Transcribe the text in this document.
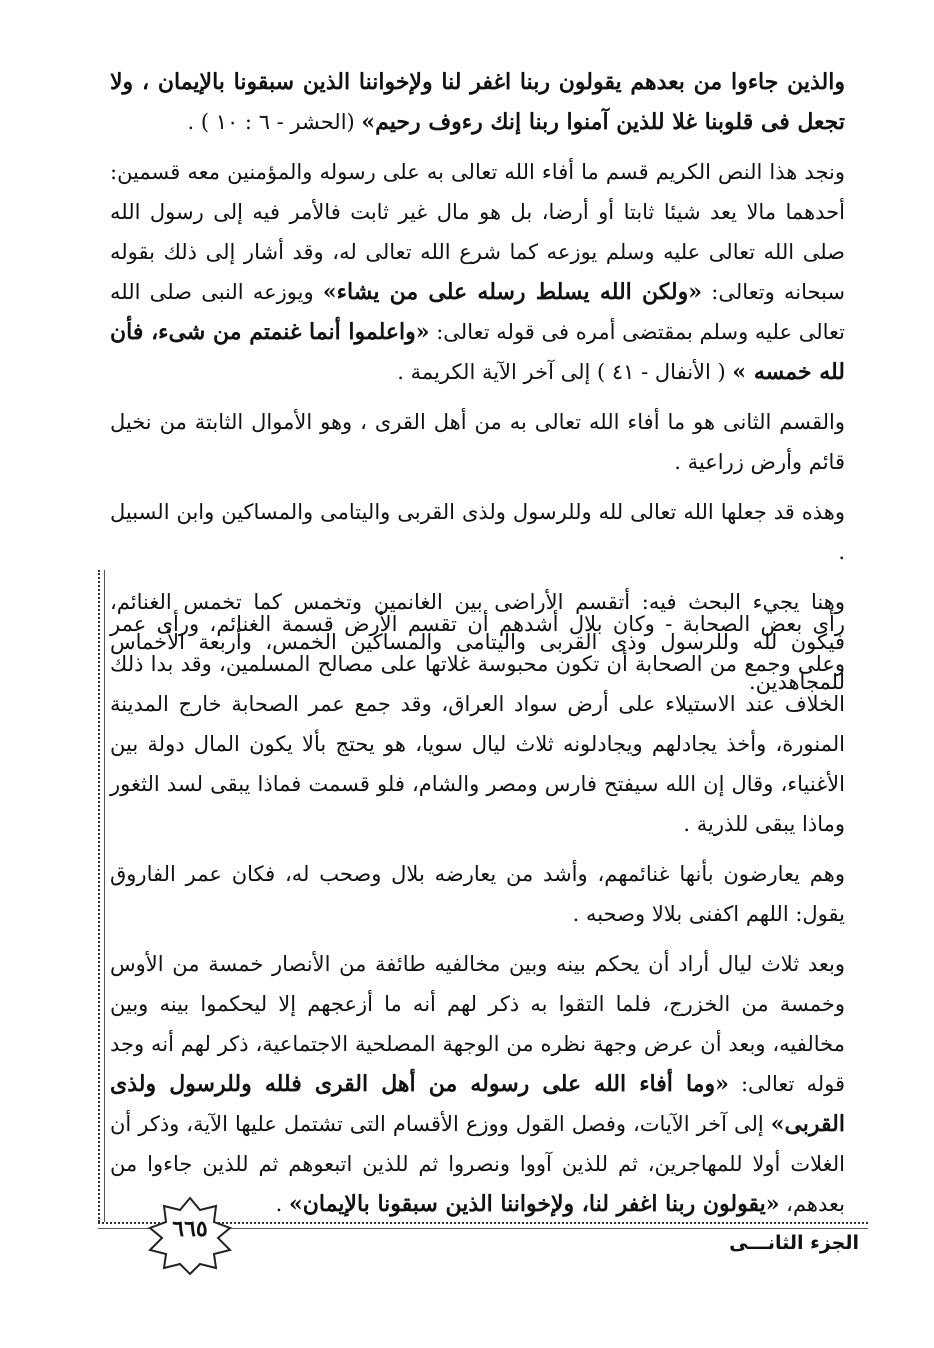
والذين جاءوا من بعدهم يقولون ربنا اغفر لنا ولإخواننا الذين سبقونا بالإيمان ، ولا تجعل فى قلوبنا غلا للذين آمنوا ربنا إنك رءوف رحيم» (الحشر - ٦ : ١٠ ) .

ونجد هذا النص الكريم قسم ما أفاء الله تعالى به على رسوله والمؤمنين معه قسمين: أحدهما مالا يعد شيئا ثابتا أو أرضا، بل هو مال غير ثابت فالأمر فيه إلى رسول الله صلى الله تعالى عليه وسلم يوزعه كما شرع الله تعالى له، وقد أشار إلى ذلك بقوله سبحانه وتعالى: «ولكن الله يسلط رسله على من يشاء» ويوزعه النبى صلى الله تعالى عليه وسلم بمقتضى أمره فى قوله تعالى: «واعلموا أنما غنمتم من شىء، فأن لله خمسه » ( الأنفال - ٤١ ) إلى آخر الآية الكريمة .

والقسم الثانى هو ما أفاء الله تعالى به من أهل القرى ، وهو الأموال الثابتة من نخيل قائم وأرض زراعية .

وهذه قد جعلها الله تعالى لله وللرسول ولذى القربى واليتامى والمساكين وابن السبيل .

وهنا يجيء البحث فيه: أتقسم الأراضى بين الغانمين وتخمس كما تخمس الغنائم، فيكون لله وللرسول وذى القربى واليتامى والمساكين الخمس، وأربعة الأخماس للمجاهدين.

رأى بعض الصحابة - وكان بلال أشدهم أن تقسم الأرض قسمة الغنائم، ورأى عمر وعلى وجمع من الصحابة أن تكون محبوسة غلاتها على مصالح المسلمين، وقد بدا ذلك الخلاف عند الاستيلاء على أرض سواد العراق، وقد جمع عمر الصحابة خارج المدينة المنورة، وأخذ يجادلهم ويجادلونه ثلاث ليال سويا، هو يحتج بألا يكون المال دولة بين الأغنياء، وقال إن الله سيفتح فارس ومصر والشام، فلو قسمت فماذا يبقى لسد الثغور وماذا يبقى للذرية .

وهم يعارضون بأنها غنائمهم، وأشد من يعارضه بلال وصحب له، فكان عمر الفاروق يقول: اللهم اكفنى بلالا وصحبه .

وبعد ثلاث ليال أراد أن يحكم بينه وبين مخالفيه طائفة من الأنصار خمسة من الأوس وخمسة من الخزرج، فلما التقوا به ذكر لهم أنه ما أزعجهم إلا ليحكموا بينه وبين مخالفيه، وبعد أن عرض وجهة نظره من الوجهة المصلحية الاجتماعية، ذكر لهم أنه وجد قوله تعالى: «وما أفاء الله على رسوله من أهل القرى فلله وللرسول ولذى القربى» إلى آخر الآيات، وفصل القول ووزع الأقسام التى تشتمل عليها الآية، وذكر أن الغلات أولا للمهاجرين، ثم للذين آووا ونصروا ثم للذين اتبعوهم ثم للذين جاءوا من بعدهم، «يقولون ربنا اغفر لنا، ولإخواننا الذين سبقونا بالإيمان» .

الجزء الثانـــى
٦٦٥
